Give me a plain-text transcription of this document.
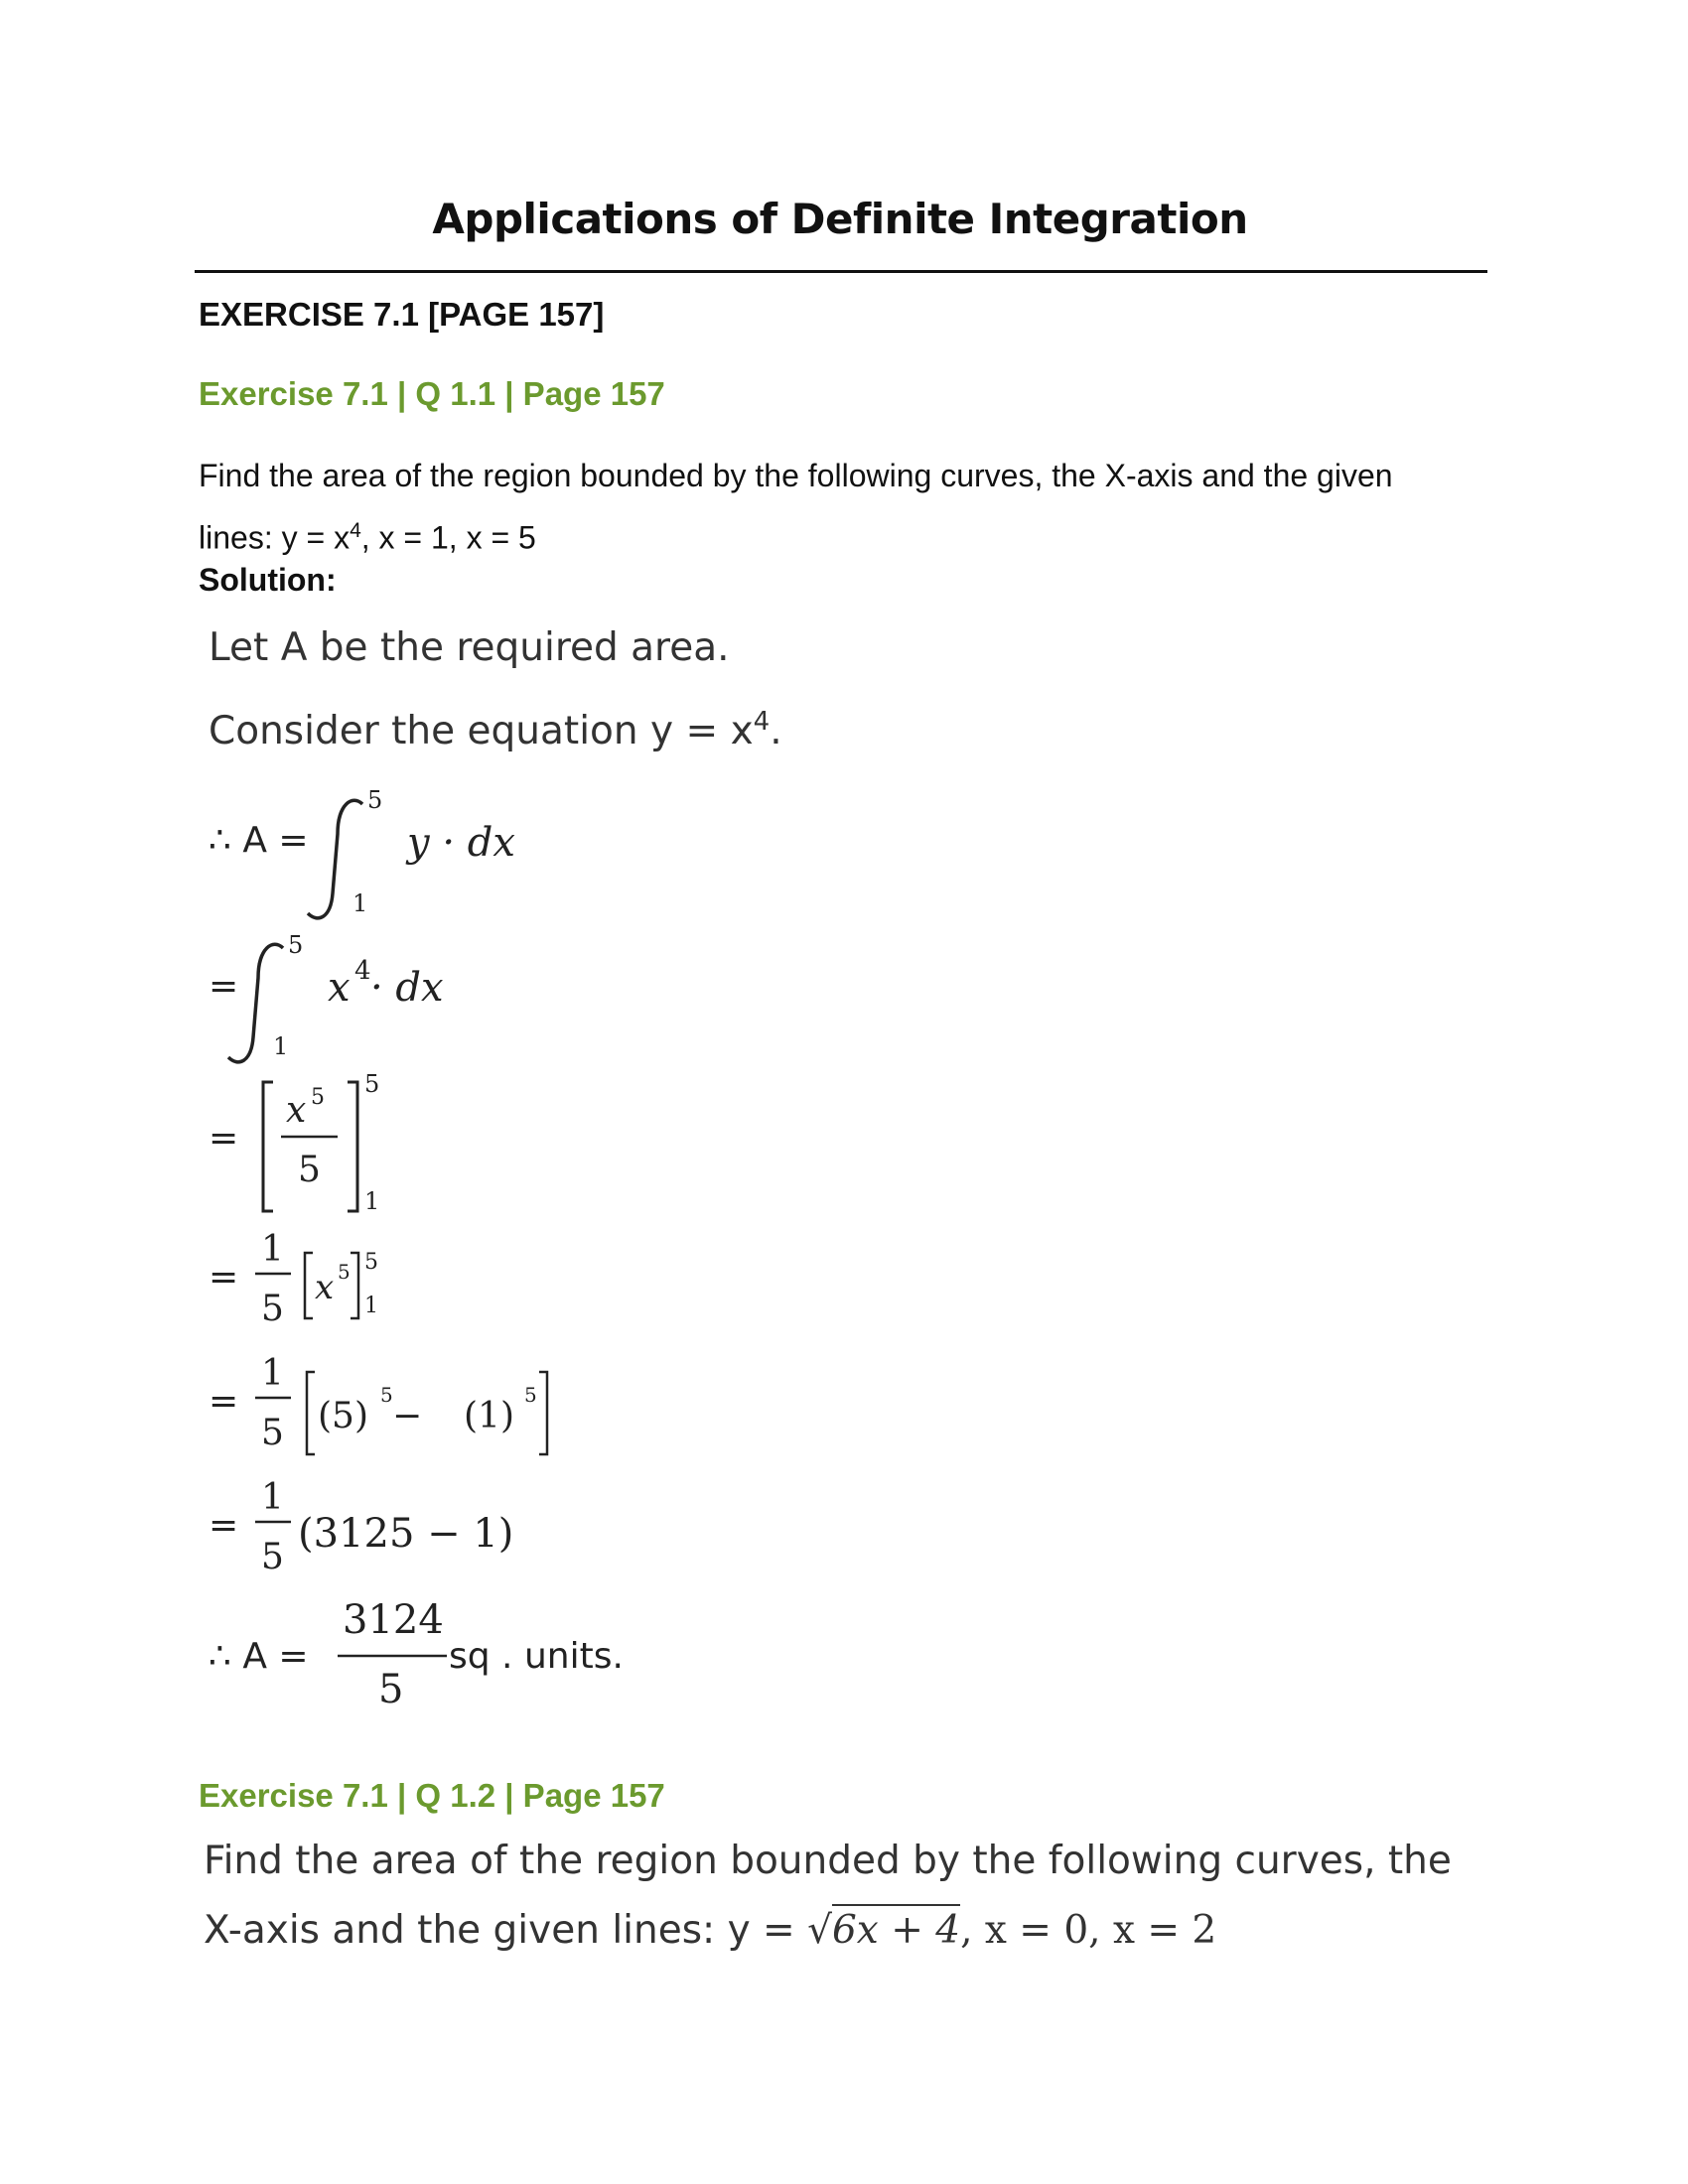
Applications of Definite Integration
EXERCISE 7.1 [PAGE 157]
Exercise 7.1 | Q 1.1 | Page 157
Find the area of the region bounded by the following curves, the X-axis and the given
lines: $y = x^4$, x = 1, x = 5
Solution:
Let A be the required area.
Consider the equation $y = x^4$.
∴ A =
5
1
y · dx
=
5
1
x 4 · dx
=
x 5
5
5
1
=
1
5
x 5 5
1
=
1
5 (5)
5
− (1)
5
=
1
5
(3125 − 1)
∴ A =
3124
5
sq . units.
Exercise 7.1 | Q 1.2 | Page 157
Find the area of the region bounded by the following curves, the
X-axis and the given lines: y = √6x + 4, x = 0, x = 2
